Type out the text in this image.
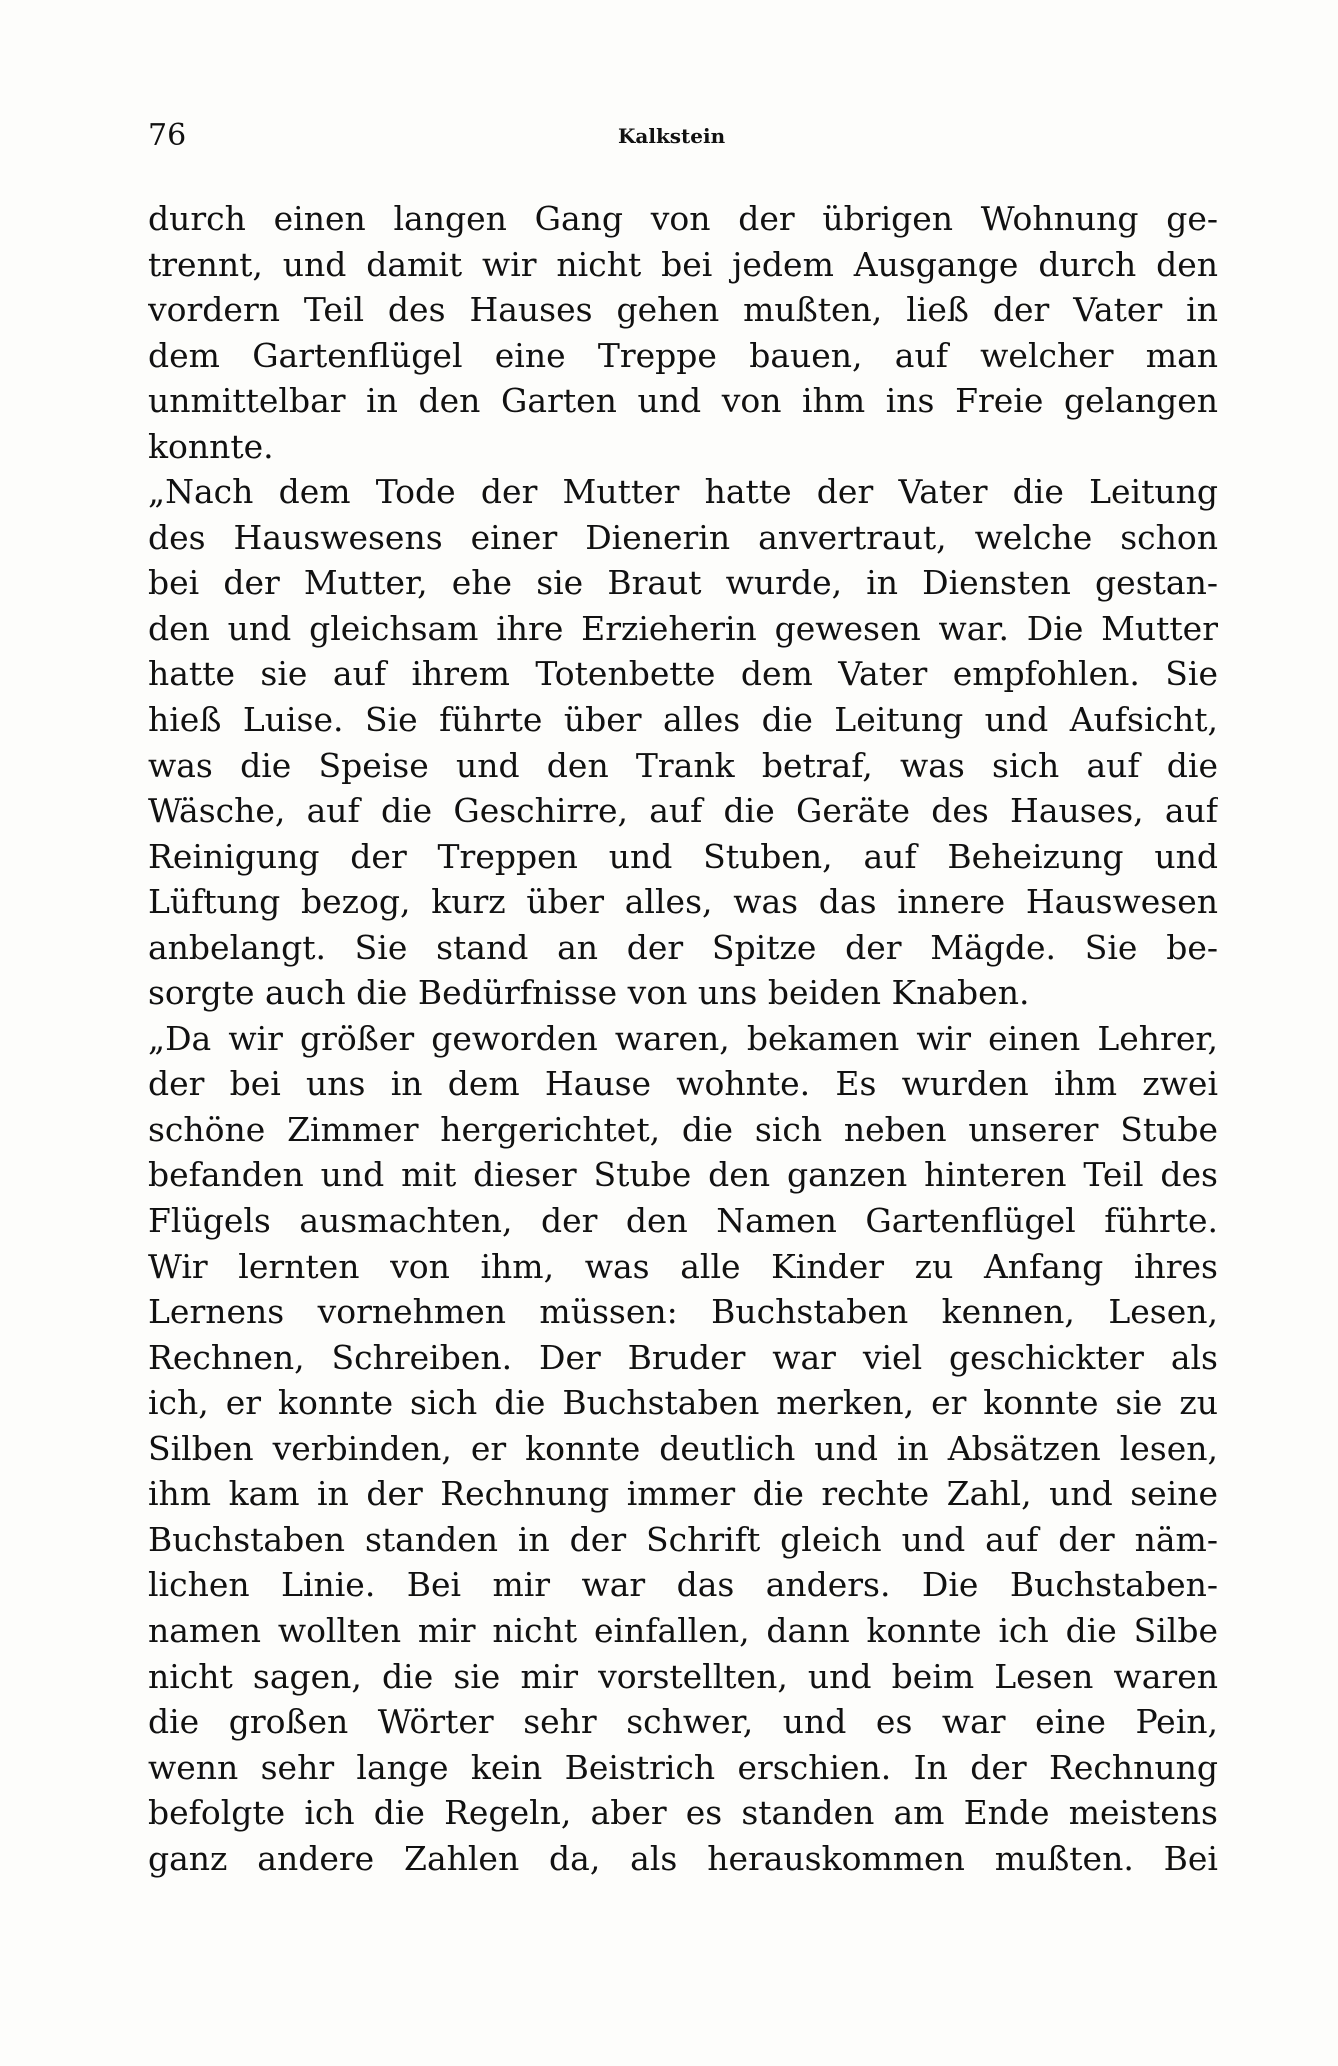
76	Kalkstein
durch einen langen Gang von der übrigen Wohnung ge-
trennt, und damit wir nicht bei jedem Ausgange durch den
vordern Teil des Hauses gehen mußten, ließ der Vater in
dem Gartenflügel eine Treppe bauen, auf welcher man
unmittelbar in den Garten und von ihm ins Freie gelangen
konnte.
„Nach dem Tode der Mutter hatte der Vater die Leitung
des Hauswesens einer Dienerin anvertraut, welche schon
bei der Mutter, ehe sie Braut wurde, in Diensten gestan-
den und gleichsam ihre Erzieherin gewesen war. Die Mutter
hatte sie auf ihrem Totenbette dem Vater empfohlen. Sie
hieß Luise. Sie führte über alles die Leitung und Aufsicht,
was die Speise und den Trank betraf, was sich auf die
Wäsche, auf die Geschirre, auf die Geräte des Hauses, auf
Reinigung der Treppen und Stuben, auf Beheizung und
Lüftung bezog, kurz über alles, was das innere Hauswesen
anbelangt. Sie stand an der Spitze der Mägde. Sie be-
sorgte auch die Bedürfnisse von uns beiden Knaben.
„Da wir größer geworden waren, bekamen wir einen Lehrer,
der bei uns in dem Hause wohnte. Es wurden ihm zwei
schöne Zimmer hergerichtet, die sich neben unserer Stube
befanden und mit dieser Stube den ganzen hinteren Teil des
Flügels ausmachten, der den Namen Gartenflügel führte.
Wir lernten von ihm, was alle Kinder zu Anfang ihres
Lernens vornehmen müssen: Buchstaben kennen, Lesen,
Rechnen, Schreiben. Der Bruder war viel geschickter als
ich, er konnte sich die Buchstaben merken, er konnte sie zu
Silben verbinden, er konnte deutlich und in Absätzen lesen,
ihm kam in der Rechnung immer die rechte Zahl, und seine
Buchstaben standen in der Schrift gleich und auf der näm-
lichen Linie. Bei mir war das anders. Die Buchstaben-
namen wollten mir nicht einfallen, dann konnte ich die Silbe
nicht sagen, die sie mir vorstellten, und beim Lesen waren
die großen Wörter sehr schwer, und es war eine Pein,
wenn sehr lange kein Beistrich erschien. In der Rechnung
befolgte ich die Regeln, aber es standen am Ende meistens
ganz andere Zahlen da, als herauskommen mußten. Bei
